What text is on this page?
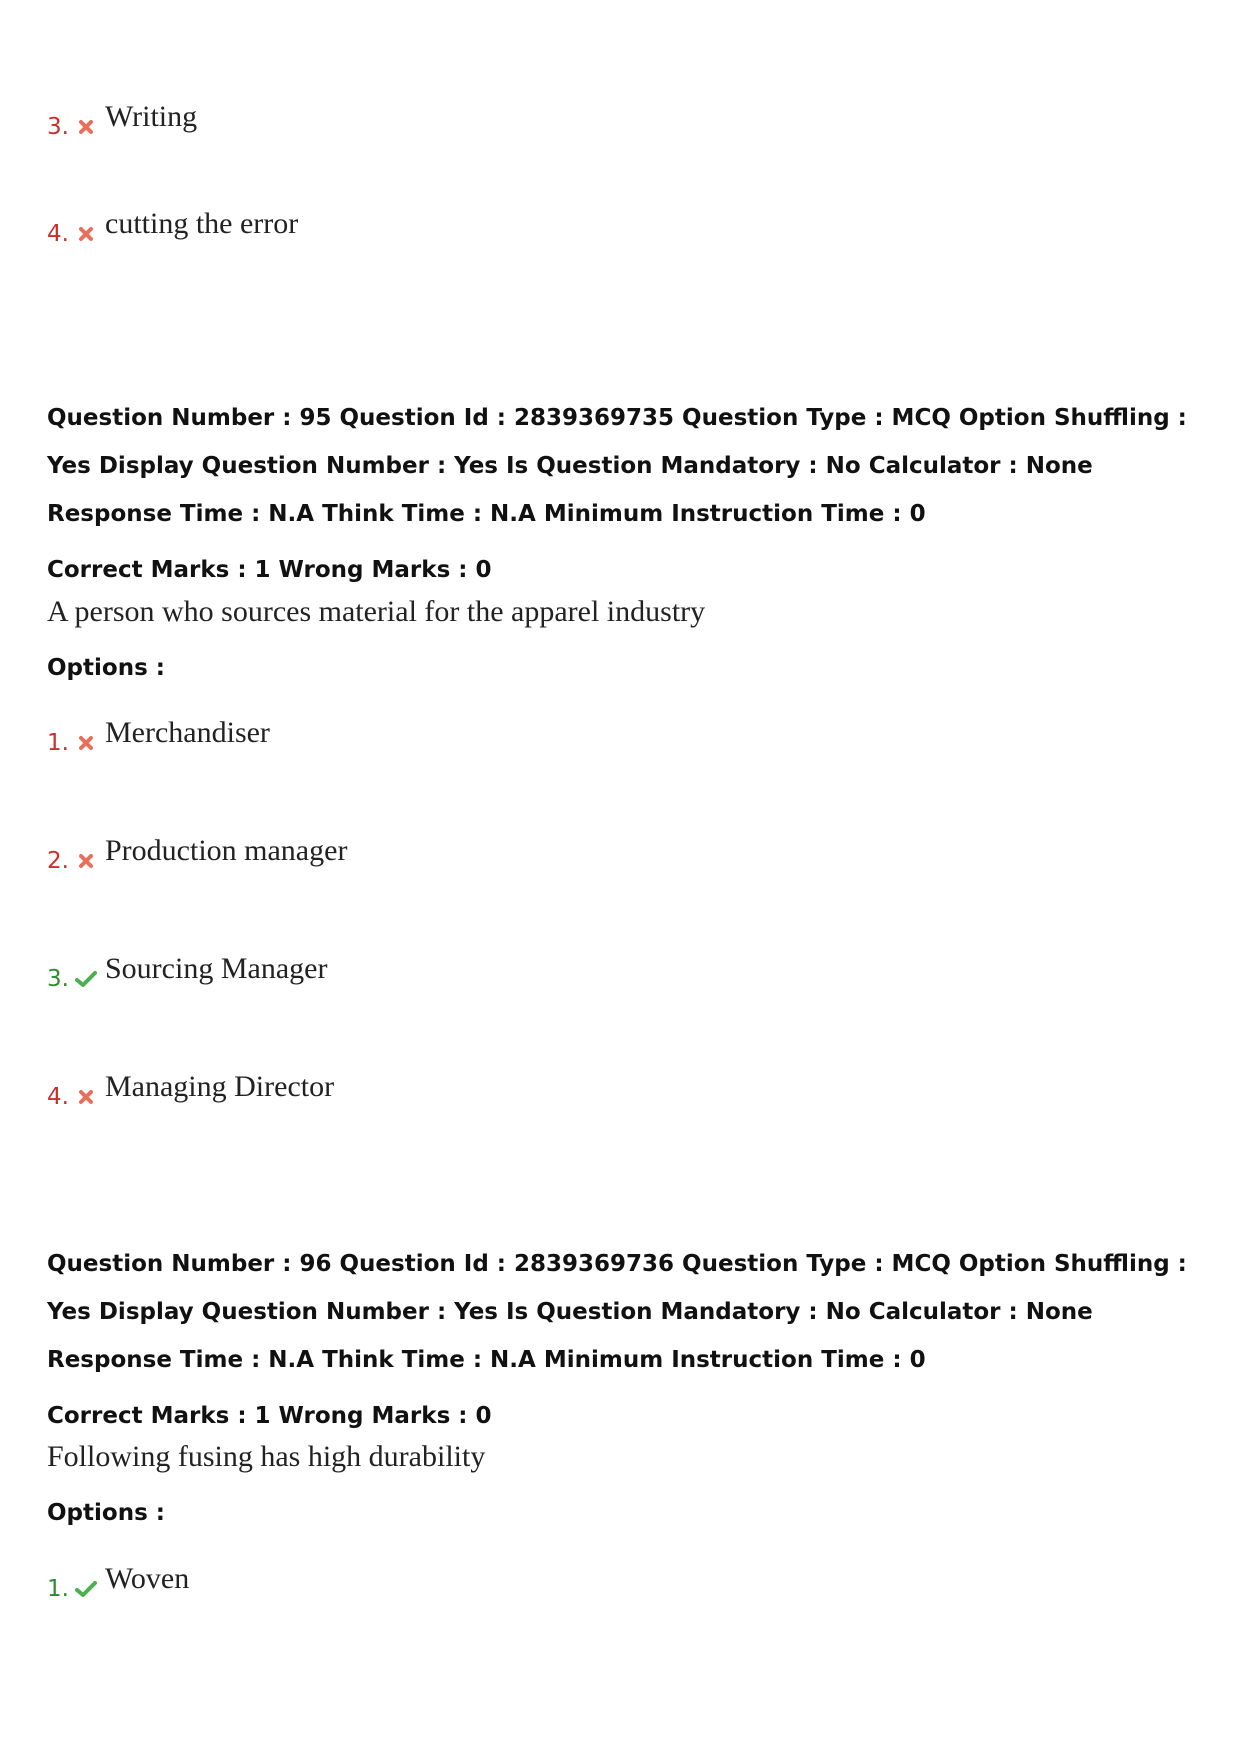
3. Writing
4. cutting the error
Question Number : 95 Question Id : 2839369735 Question Type : MCQ Option Shuffling : Yes Display Question Number : Yes Is Question Mandatory : No Calculator : None Response Time : N.A Think Time : N.A Minimum Instruction Time : 0
Correct Marks : 1 Wrong Marks : 0
A person who sources material for the apparel industry
Options :
1. Merchandiser
2. Production manager
3. Sourcing Manager
4. Managing Director
Question Number : 96 Question Id : 2839369736 Question Type : MCQ Option Shuffling : Yes Display Question Number : Yes Is Question Mandatory : No Calculator : None Response Time : N.A Think Time : N.A Minimum Instruction Time : 0
Correct Marks : 1 Wrong Marks : 0
Following fusing has high durability
Options :
1. Woven
